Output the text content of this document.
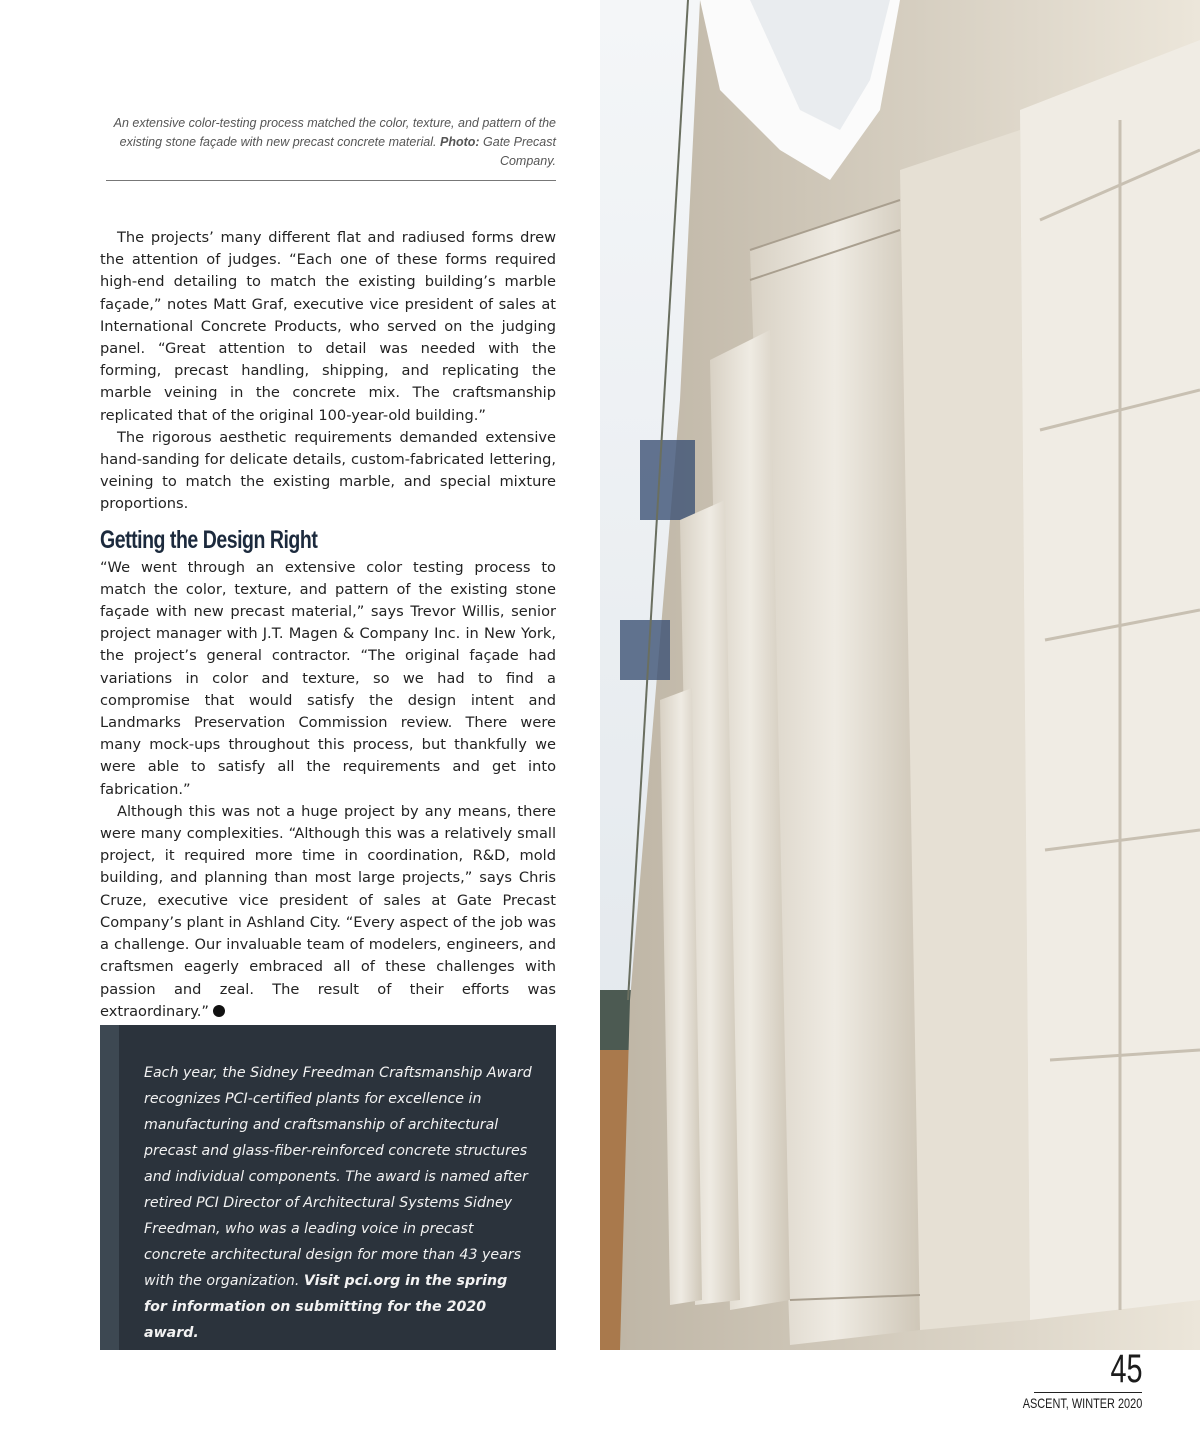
An extensive color-testing process matched the color, texture, and pattern of the existing stone façade with new precast concrete material. Photo: Gate Precast Company.

The projects’ many different flat and radiused forms drew the attention of judges. “Each one of these forms required high-end detailing to match the existing building’s marble façade,” notes Matt Graf, executive vice president of sales at International Concrete Products, who served on the judging panel. “Great attention to detail was needed with the forming, precast handling, shipping, and replicating the marble veining in the concrete mix. The craftsmanship replicated that of the original 100-year-old building.”

The rigorous aesthetic requirements demanded extensive hand-sanding for delicate details, custom-fabricated lettering, veining to match the existing marble, and special mixture proportions.

Getting the Design Right

“We went through an extensive color testing process to match the color, texture, and pattern of the existing stone façade with new precast material,” says Trevor Willis, senior project manager with J.T. Magen & Company Inc. in New York, the project’s general contractor. “The original façade had variations in color and texture, so we had to find a compromise that would satisfy the design intent and Landmarks Preservation Commission review. There were many mock-ups throughout this process, but thankfully we were able to satisfy all the requirements and get into fabrication.”

Although this was not a huge project by any means, there were many complexities. “Although this was a relatively small project, it required more time in coordination, R&D, mold building, and planning than most large projects,” says Chris Cruze, executive vice president of sales at Gate Precast Company’s plant in Ashland City. “Every aspect of the job was a challenge. Our invaluable team of modelers, engineers, and craftsmen eagerly embraced all of these challenges with passion and zeal. The result of their efforts was extraordinary.”

Each year, the Sidney Freedman Craftsmanship Award recognizes PCI-certified plants for excellence in manufacturing and craftsmanship of architectural precast and glass-fiber-reinforced concrete structures and individual components. The award is named after retired PCI Director of Architectural Systems Sidney Freedman, who was a leading voice in precast concrete architectural design for more than 43 years with the organization. Visit pci.org in the spring for information on submitting for the 2020 award.
45
ASCENT, WINTER 2020
